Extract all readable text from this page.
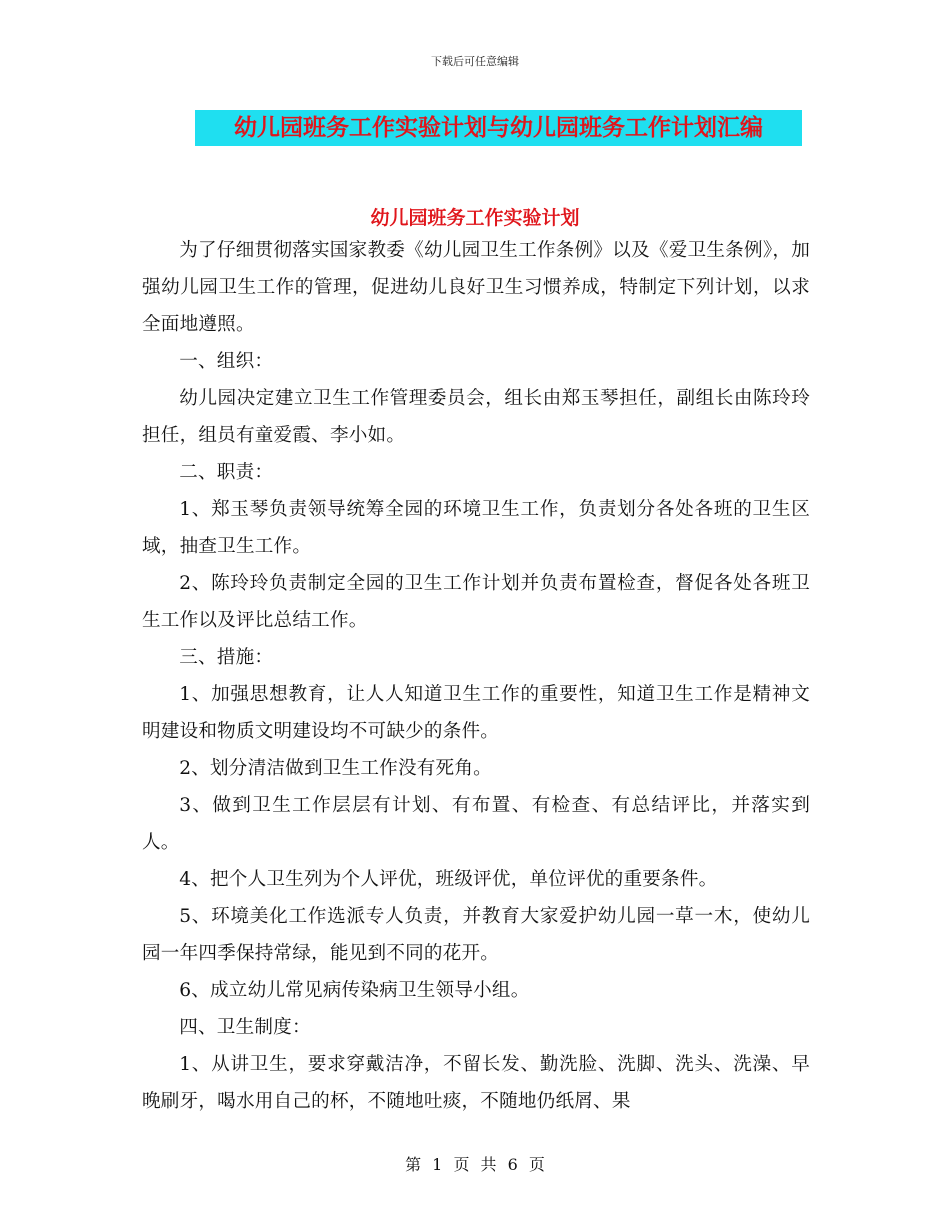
下载后可任意编辑
幼儿园班务工作实验计划与幼儿园班务工作计划汇编
幼儿园班务工作实验计划

为了仔细贯彻落实国家教委《幼儿园卫生工作条例》以及《爱卫生条例》，加强幼儿园卫生工作的管理，促进幼儿良好卫生习惯养成，特制定下列计划，以求全面地遵照。

一、组织：

幼儿园决定建立卫生工作管理委员会，组长由郑玉琴担任，副组长由陈玲玲担任，组员有童爱霞、李小如。

二、职责：

1、郑玉琴负责领导统筹全园的环境卫生工作，负责划分各处各班的卫生区域，抽查卫生工作。

2、陈玲玲负责制定全园的卫生工作计划并负责布置检查，督促各处各班卫生工作以及评比总结工作。

三、措施：

1、加强思想教育，让人人知道卫生工作的重要性，知道卫生工作是精神文明建设和物质文明建设均不可缺少的条件。

2、划分清洁做到卫生工作没有死角。

3、做到卫生工作层层有计划、有布置、有检查、有总结评比，并落实到人。

4、把个人卫生列为个人评优，班级评优，单位评优的重要条件。

5、环境美化工作选派专人负责，并教育大家爱护幼儿园一草一木，使幼儿园一年四季保持常绿，能见到不同的花开。

6、成立幼儿常见病传染病卫生领导小组。

四、卫生制度：

1、从讲卫生，要求穿戴洁净，不留长发、勤洗脸、洗脚、洗头、洗澡、早晚刷牙，喝水用自己的杯，不随地吐痰，不随地仍纸屑、果

第 1 页 共 6 页
